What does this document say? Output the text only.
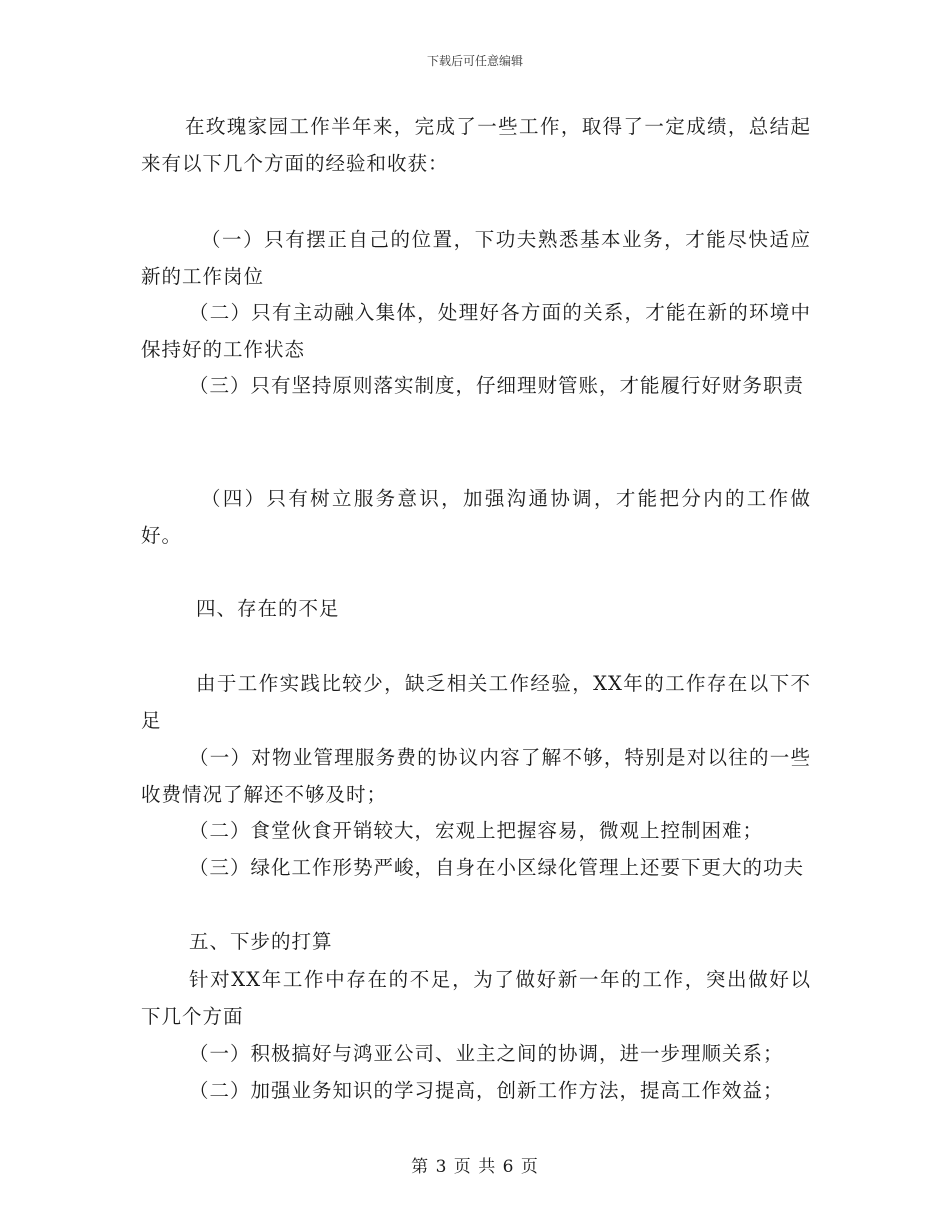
下载后可任意编辑

在玫瑰家园工作半年来，完成了一些工作，取得了一定成绩，总结起来有以下几个方面的经验和收获：

（一）只有摆正自己的位置，下功夫熟悉基本业务，才能尽快适应新的工作岗位

（二）只有主动融入集体，处理好各方面的关系，才能在新的环境中保持好的工作状态

（三）只有坚持原则落实制度，仔细理财管账，才能履行好财务职责

（四）只有树立服务意识，加强沟通协调，才能把分内的工作做好。

四、存在的不足

由于工作实践比较少，缺乏相关工作经验，XX年的工作存在以下不足

（一）对物业管理服务费的协议内容了解不够，特别是对以往的一些收费情况了解还不够及时；

（二）食堂伙食开销较大，宏观上把握容易，微观上控制困难；

（三）绿化工作形势严峻，自身在小区绿化管理上还要下更大的功夫

五、下步的打算

针对XX年工作中存在的不足，为了做好新一年的工作，突出做好以下几个方面

（一）积极搞好与鸿亚公司、业主之间的协调，进一步理顺关系；

（二）加强业务知识的学习提高，创新工作方法，提高工作效益；

第 3 页 共 6 页
